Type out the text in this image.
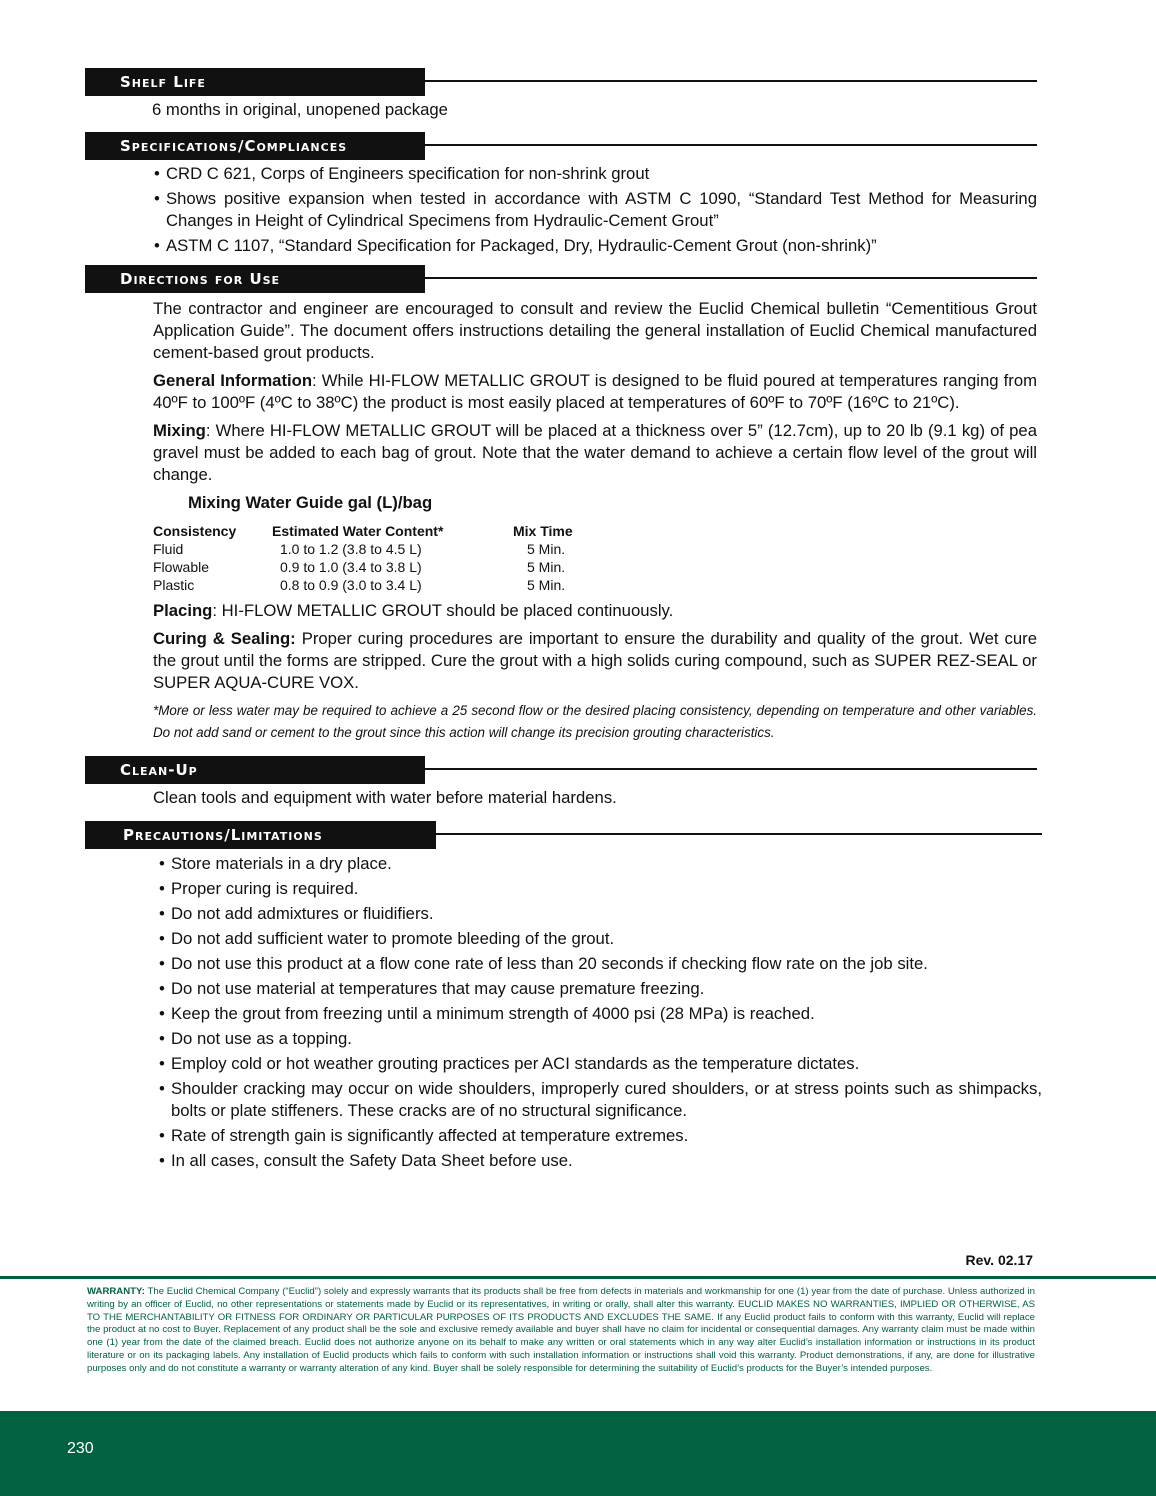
Shelf Life
6 months in original, unopened package
Specifications/Compliances
• CRD C 621, Corps of Engineers specification for non-shrink grout
• Shows positive expansion when tested in accordance with ASTM C 1090, “Standard Test Method for Measuring Changes in Height of Cylindrical Specimens from Hydraulic-Cement Grout”
• ASTM C 1107, “Standard Specification for Packaged, Dry, Hydraulic-Cement Grout (non-shrink)”
Directions for Use

The contractor and engineer are encouraged to consult and review the Euclid Chemical bulletin “Cementitious Grout Application Guide”. The document offers instructions detailing the general installation of Euclid Chemical manufactured cement-based grout products.

General Information: While HI-FLOW METALLIC GROUT is designed to be fluid poured at temperatures ranging from 40ºF to 100ºF (4ºC to 38ºC) the product is most easily placed at temperatures of 60ºF to 70ºF (16ºC to 21ºC).

Mixing: Where HI-FLOW METALLIC GROUT will be placed at a thickness over 5” (12.7cm), up to 20 lb (9.1 kg) of pea gravel must be added to each bag of grout. Note that the water demand to achieve a certain flow level of the grout will change.

Mixing Water Guide gal (L)/bag
Consistency	Estimated Water Content*	Mix Time
Fluid	1.0 to 1.2 (3.8 to 4.5 L)	5 Min.
Flowable	0.9 to 1.0 (3.4 to 3.8 L)	5 Min.
Plastic	0.8 to 0.9 (3.0 to 3.4 L)	5 Min.

Placing: HI-FLOW METALLIC GROUT should be placed continuously.

Curing & Sealing: Proper curing procedures are important to ensure the durability and quality of the grout. Wet cure the grout until the forms are stripped. Cure the grout with a high solids curing compound, such as SUPER REZ-SEAL or SUPER AQUA-CURE VOX.

*More or less water may be required to achieve a 25 second flow or the desired placing consistency, depending on temperature and other variables. Do not add sand or cement to the grout since this action will change its precision grouting characteristics.
Clean-Up
Clean tools and equipment with water before material hardens.
Precautions/Limitations
• Store materials in a dry place.
• Proper curing is required.
• Do not add admixtures or fluidifiers.
• Do not add sufficient water to promote bleeding of the grout.
• Do not use this product at a flow cone rate of less than 20 seconds if checking flow rate on the job site.
• Do not use material at temperatures that may cause premature freezing.
• Keep the grout from freezing until a minimum strength of 4000 psi (28 MPa) is reached.
• Do not use as a topping.
• Employ cold or hot weather grouting practices per ACI standards as the temperature dictates.
• Shoulder cracking may occur on wide shoulders, improperly cured shoulders, or at stress points such as shimpacks, bolts or plate stiffeners. These cracks are of no structural significance.
• Rate of strength gain is significantly affected at temperature extremes.
• In all cases, consult the Safety Data Sheet before use.
Rev. 02.17
WARRANTY: The Euclid Chemical Company (“Euclid”) solely and expressly warrants that its products shall be free from defects in materials and workmanship for one (1) year from the date of purchase. Unless authorized in writing by an officer of Euclid, no other representations or statements made by Euclid or its representatives, in writing or orally, shall alter this warranty. EUCLID MAKES NO WARRANTIES, IMPLIED OR OTHERWISE, AS TO THE MERCHANTABILITY OR FITNESS FOR ORDINARY OR PARTICULAR PURPOSES OF ITS PRODUCTS AND EXCLUDES THE SAME. If any Euclid product fails to conform with this warranty, Euclid will replace the product at no cost to Buyer. Replacement of any product shall be the sole and exclusive remedy available and buyer shall have no claim for incidental or consequential damages. Any warranty claim must be made within one (1) year from the date of the claimed breach. Euclid does not authorize anyone on its behalf to make any written or oral statements which in any way alter Euclid’s installation information or instructions in its product literature or on its packaging labels. Any installation of Euclid products which fails to conform with such installation information or instructions shall void this warranty. Product demonstrations, if any, are done for illustrative purposes only and do not constitute a warranty or warranty alteration of any kind. Buyer shall be solely responsible for determining the suitability of Euclid’s products for the Buyer’s intended purposes.
230
